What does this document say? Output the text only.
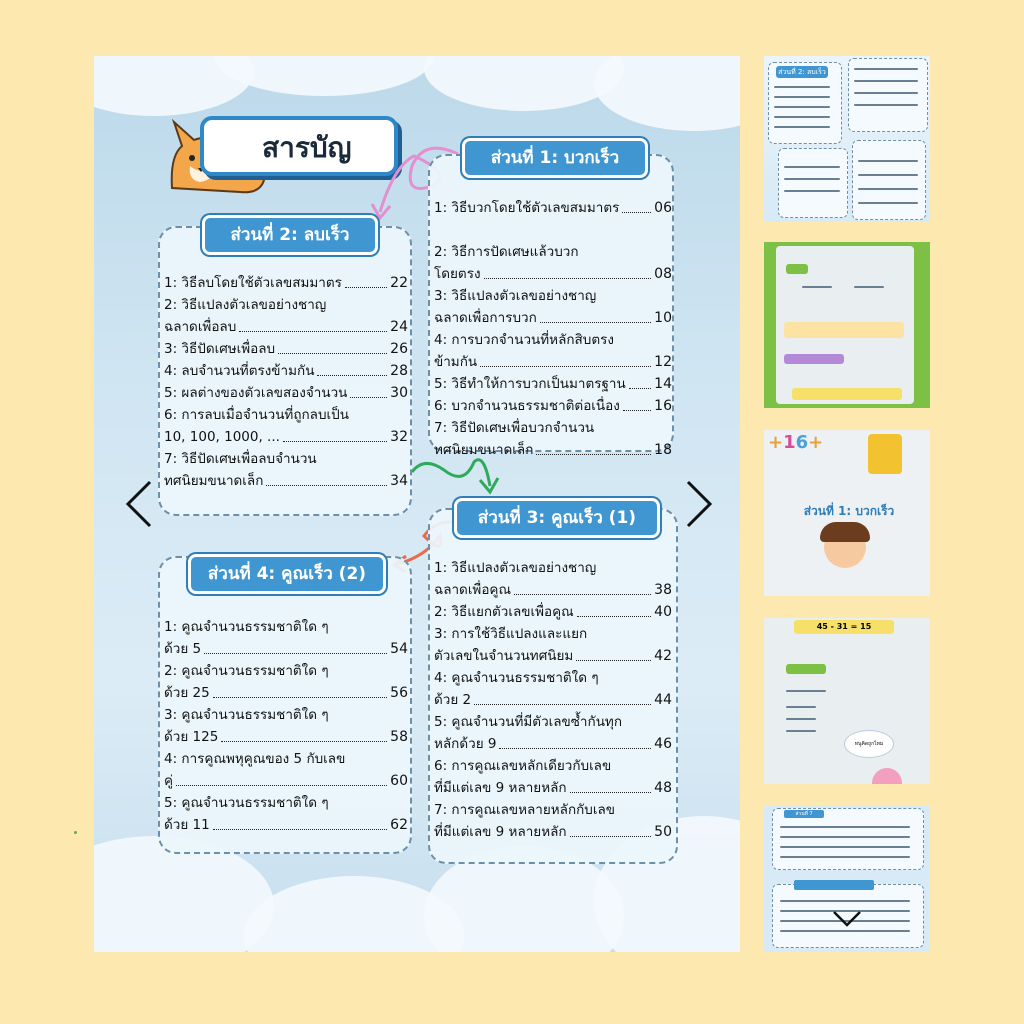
สารบัญ	ส่วนที่ 1: บวกเร็ว
1: วิธีบวกโดยใช้ตัวเลขสมมาตร 06
2: วิธีการปัดเศษแล้วบวก
โดยตรง	08
3: วิธีแปลงตัวเลขอย่างชาญ
ฉลาดเพื่อการบวก	10
4: การบวกจำนวนที่หลักสิบตรง
ข้ามกัน	12
5: วิธีทำให้การบวกเป็นมาตรฐาน 14
6: บวกจำนวนธรรมชาติต่อเนื่อง 16
7: วิธีปัดเศษเพื่อบวกจำนวน
ทศนิยมขนาดเล็ก	18
ส่วนที่ 2: ลบเร็ว
1: วิธีลบโดยใช้ตัวเลขสมมาตร	22
2: วิธีแปลงตัวเลขอย่างชาญ
ฉลาดเพื่อลบ	24
3: วิธีปัดเศษเพื่อลบ	26
4: ลบจำนวนที่ตรงข้ามกัน	28
5: ผลต่างของตัวเลขสองจำนวน	30
6: การลบเมื่อจำนวนที่ถูกลบเป็น
10, 100, 1000, ...	32
7: วิธีปัดเศษเพื่อลบจำนวน
ทศนิยมขนาดเล็ก	34
ส่วนที่ 3: คูณเร็ว (1)
1: วิธีแปลงตัวเลขอย่างชาญ
ฉลาดเพื่อคูณ	38
2: วิธีแยกตัวเลขเพื่อคูณ	40
3: การใช้วิธีแปลงและแยก
ตัวเลขในจำนวนทศนิยม	42
4: คูณจำนวนธรรมชาติใด ๆ
ด้วย 2	44
5: คูณจำนวนที่มีตัวเลขซ้ำกันทุก
หลักด้วย 9	46
6: การคูณเลขหลักเดียวกับเลข
ที่มีแต่เลข 9 หลายหลัก	48
7: การคูณเลขหลายหลักกับเลข
ที่มีแต่เลข 9 หลายหลัก	50
ส่วนที่ 4: คูณเร็ว (2)
1: คูณจำนวนธรรมชาติใด ๆ
ด้วย 5	54
2: คูณจำนวนธรรมชาติใด ๆ
ด้วย 25	56
3: คูณจำนวนธรรมชาติใด ๆ
ด้วย 125	58
4: การคูณพหุคูณของ 5 กับเลข
คู่	60
5: คูณจำนวนธรรมชาติใด ๆ
ด้วย 11	62
ส่วนที่ 2: ลบเร็ว
+16+
ส่วนที่ 1: บวกเร็ว
45 - 31 = 15
หนูคิดถูกไหม
ส่วนที่ 7
